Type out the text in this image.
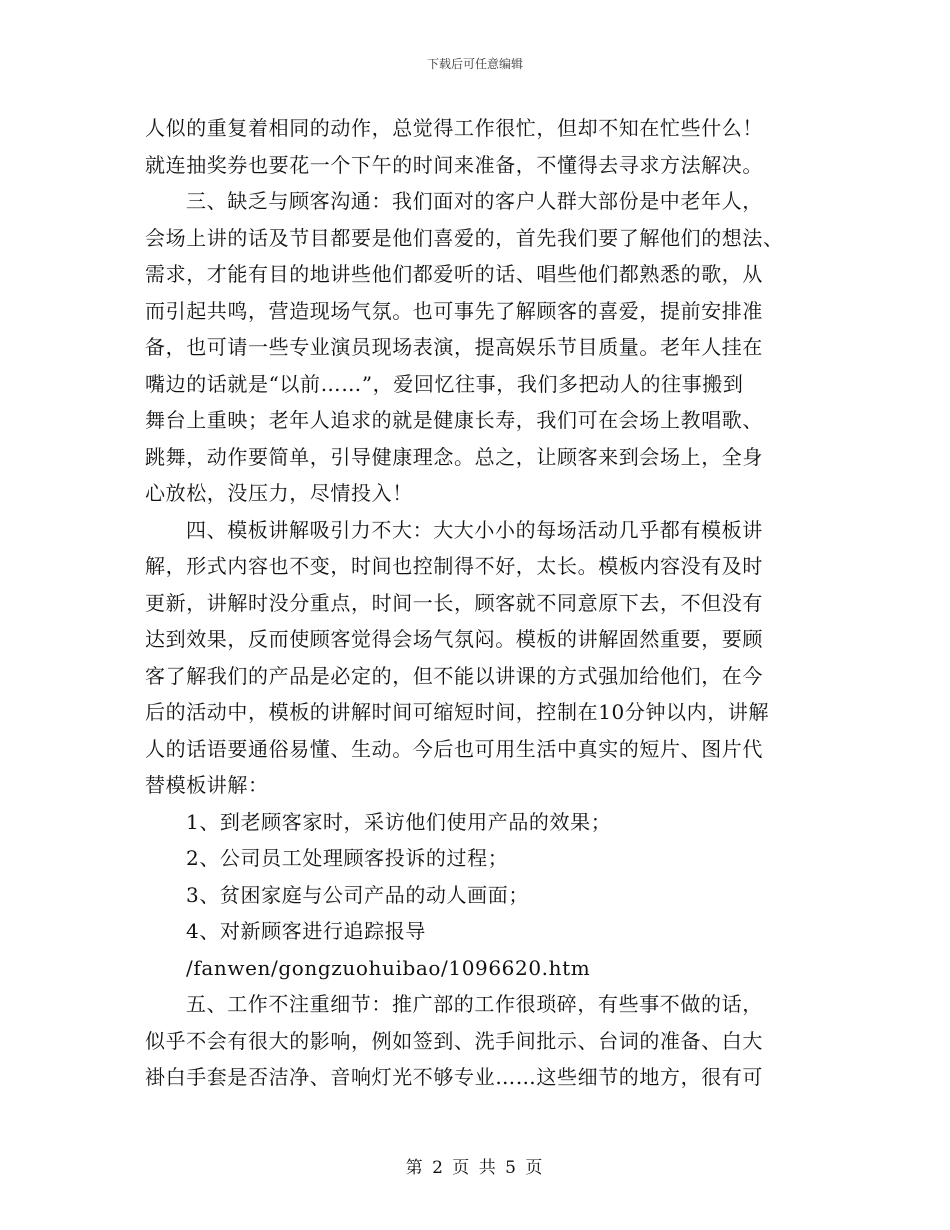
下载后可任意编辑
人似的重复着相同的动作，总觉得工作很忙，但却不知在忙些什么！
就连抽奖券也要花一个下午的时间来准备，不懂得去寻求方法解决。
三、缺乏与顾客沟通：我们面对的客户人群大部份是中老年人，
会场上讲的话及节目都要是他们喜爱的，首先我们要了解他们的想法、
需求，才能有目的地讲些他们都爱听的话、唱些他们都熟悉的歌，从
而引起共鸣，营造现场气氛。也可事先了解顾客的喜爱，提前安排准
备，也可请一些专业演员现场表演，提高娱乐节目质量。老年人挂在
嘴边的话就是“以前……”，爱回忆往事，我们多把动人的往事搬到
舞台上重映；老年人追求的就是健康长寿，我们可在会场上教唱歌、
跳舞，动作要简单，引导健康理念。总之，让顾客来到会场上，全身
心放松，没压力，尽情投入！
四、模板讲解吸引力不大：大大小小的每场活动几乎都有模板讲
解，形式内容也不变，时间也控制得不好，太长。模板内容没有及时
更新，讲解时没分重点，时间一长，顾客就不同意原下去，不但没有
达到效果，反而使顾客觉得会场气氛闷。模板的讲解固然重要，要顾
客了解我们的产品是必定的，但不能以讲课的方式强加给他们，在今
后的活动中，模板的讲解时间可缩短时间，控制在10分钟以内，讲解
人的话语要通俗易懂、生动。今后也可用生活中真实的短片、图片代
替模板讲解：
1、到老顾客家时，采访他们使用产品的效果；
2、公司员工处理顾客投诉的过程；
3、贫困家庭与公司产品的动人画面；
4、对新顾客进行追踪报导
/fanwen/gongzuohuibao/1096620.htm
五、工作不注重细节：推广部的工作很琐碎，有些事不做的话，
似乎不会有很大的影响，例如签到、洗手间批示、台词的准备、白大
褂白手套是否洁净、音响灯光不够专业……这些细节的地方，很有可
第 2 页 共 5 页
